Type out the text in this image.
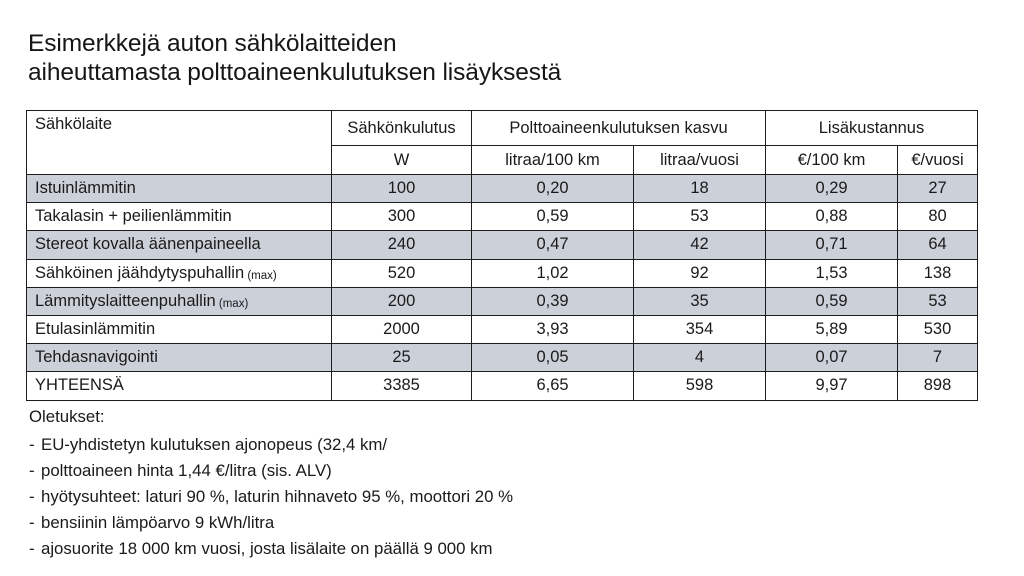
Esimerkkejä auton sähkölaitteiden
aiheuttamasta polttoaineenkulutuksen lisäyksestä
Sähkölaite	Sähkönkulutus	Polttoaineenkulutuksen kasvu		Lisäkustannus	
	W	litraa/100 km	litraa/vuosi	€/100 km	€/vuosi
Istuinlämmitin	100	0,20	18	0,29	27
Takalasin + peilienlämmitin	300	0,59	53	0,88	80
Stereot kovalla äänenpaineella	240	0,47	42	0,71	64
Sähköinen jäähdytyspuhallin (max)	520	1,02	92	1,53	138
Lämmityslaitteenpuhallin (max)	200	0,39	35	0,59	53
Etulasinlämmitin	2000	3,93	354	5,89	530
Tehdasnavigointi	25	0,05	4	0,07	7
YHTEENSÄ	3385	6,65	598	9,97	898
Oletukset:
- EU-yhdistetyn kulutuksen ajonopeus (32,4 km/
- polttoaineen hinta 1,44 €/litra (sis. ALV)
- hyötysuhteet: laturi 90 %, laturin hihnaveto 95 %, moottori 20 %
- bensiinin lämpöarvo 9 kWh/litra
- ajosuorite 18 000 km vuosi, josta lisälaite on päällä 9 000 km
